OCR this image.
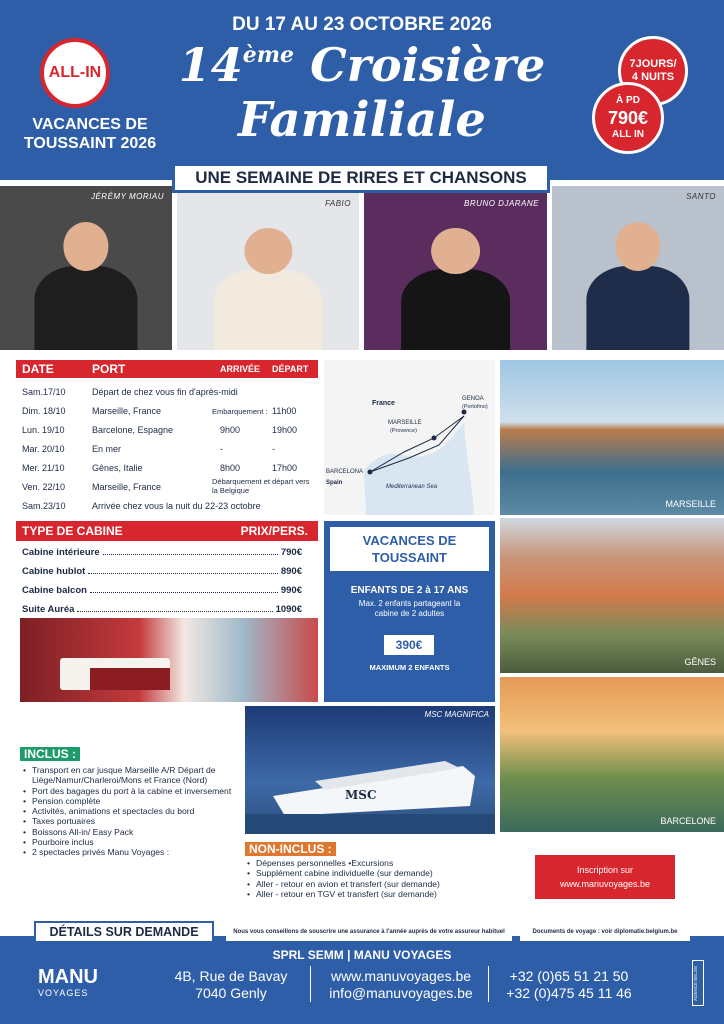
DU 17 AU 23 OCTOBRE 2026
14ème Croisière
Familiale
ALL-IN
VACANCES DE
TOUSSAINT 2026
7JOURS/
4 NUITS
À PD
790€
ALL IN
JÉRÉMY MORIAU
FABIO	BRUNO DJARANE
SANTO
UNE SEMAINE DE RIRES ET CHANSONS
DATE	PORT	ARRIVÉE DÉPART
Sam.17/10	Départ de chez vous fin d'après-midi
Dim. 18/10	Marseille, France	Embarquement : 11h00
Lun. 19/10	Barcelone, Espagne	9h00	19h00
Mar. 20/10	En mer	-	-
Mer. 21/10	Gênes, Italie	8h00	17h00
Ven. 22/10	Marseille, France
Débarquement et départ vers la Belgique
Sam.23/10	Arrivée chez vous la nuit du 22-23 octobre
France
MARSEILLE
(Provence)
GENOA
(Portofino)
BARCELONA
Spain
Mediterranean Sea
MARSEILLE
GÊNES
BARCELONE
TYPE DE CABINE	PRIX/PERS.
Cabine intérieure	790€
Cabine hublot	890€
Cabine balcon	990€
Suite Auréa	1090€
VACANCES DE
TOUSSAINT
ENFANTS DE 2 à 17 ANS
Max. 2 enfants partageant la
cabine de 2 adultes
390€
MAXIMUM 2 ENFANTS
MSC
MSC MAGNIFICA
INCLUS :
• Transport en car jusque Marseille A/R Départ de Liège/Namur/Charleroi/Mons et France (Nord)
• Port des bagages du port à la cabine et inversement
• Pension complète
• Activités, animations et spectacles du bord
• Taxes portuaires
• Boissons All-in/ Easy Pack
• Pourboire inclus
• 2 spectacles privés Manu Voyages :	NON-INCLUS :
• Dépenses personnelles •Excursions
• Supplément cabine individuelle (sur demande)
• Aller - retour en avion et transfert (sur demande)
• Aller - retour en TGV et transfert (sur demande)
Inscription sur
www.manuvoyages.be
DÉTAILS SUR DEMANDE	Nous vous conseillons de souscrire une assurance à l'année auprès de votre assureur habituel	Documents de voyage : voir diplomatie.belgium.be
SPRL SEMM | MANU VOYAGES
MANU
VOYAGES
4B, Rue de Bavay
7040 Genly
www.manuvoyages.be
info@manuvoyages.be
+32 (0)65 51 21 50
+32 (0)475 45 11 46	AGENCE BELGE
